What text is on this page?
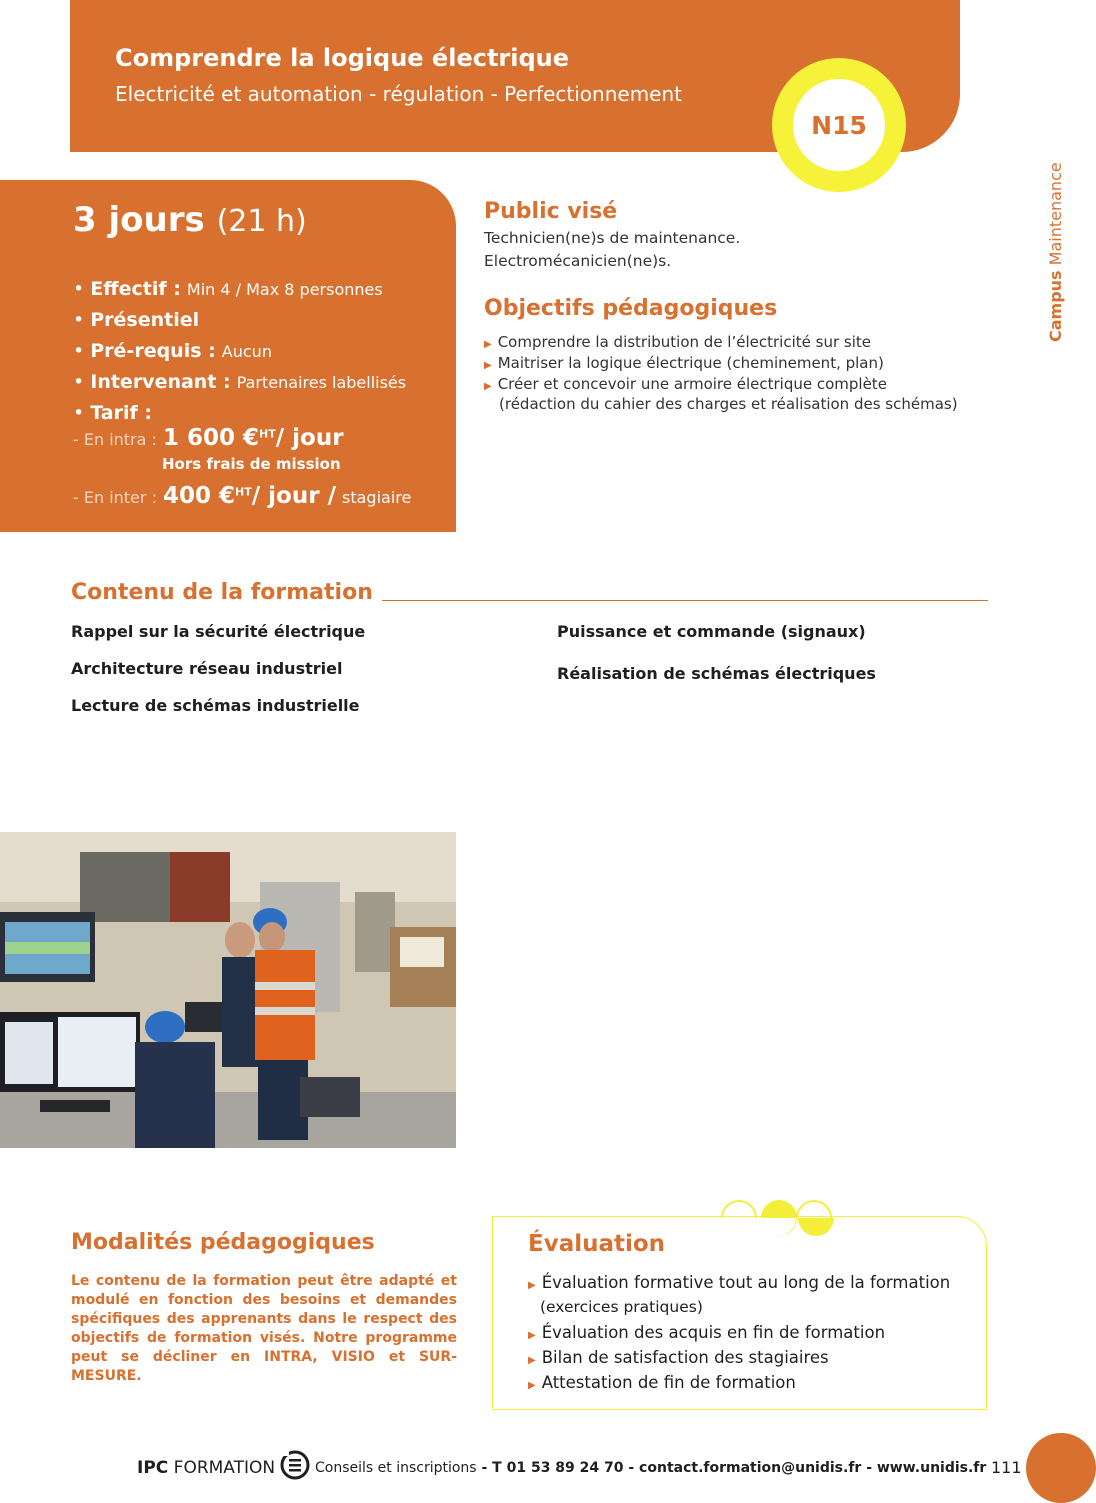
Comprendre la logique électrique
Electricité et automation - régulation - Perfectionnement
N15
Campus Maintenance
3 jours (21 h)
• Effectif : Min 4 / Max 8 personnes
• Présentiel
• Pré-requis : Aucun
• Intervenant : Partenaires labellisés
• Tarif :
- En intra : 1 600 €$^{HT}$/ jour
Hors frais de mission
- En inter : 400 €$^{HT}$/ jour / stagiaire
Public visé
Technicien(ne)s de maintenance.
Electromécanicien(ne)s.
Objectifs pédagogiques
▶ Comprendre la distribution de l’électricité sur site
▶ Maitriser la logique électrique (cheminement, plan)
▶ Créer et concevoir une armoire électrique complète
(rédaction du cahier des charges et réalisation des schémas)
Contenu de la formation
Rappel sur la sécurité électrique
Architecture réseau industriel
Lecture de schémas industrielle
Puissance et commande (signaux)
Réalisation de schémas électriques
Modalités pédagogiques
Le contenu de la formation peut être adapté et modulé en fonction des besoins et demandes spécifiques des apprenants dans le respect des objectifs de formation visés. Notre programme peut se décliner en INTRA, VISIO et SUR-MESURE.
Évaluation
▶ Évaluation formative tout au long de la formation
(exercices pratiques)
▶ Évaluation des acquis en fin de formation
▶ Bilan de satisfaction des stagiaires
▶ Attestation de fin de formation
IPC FORMATION	Conseils et inscriptions - T 01 53 89 24 70 - contact.formation@unidis.fr - www.unidis.fr 111
